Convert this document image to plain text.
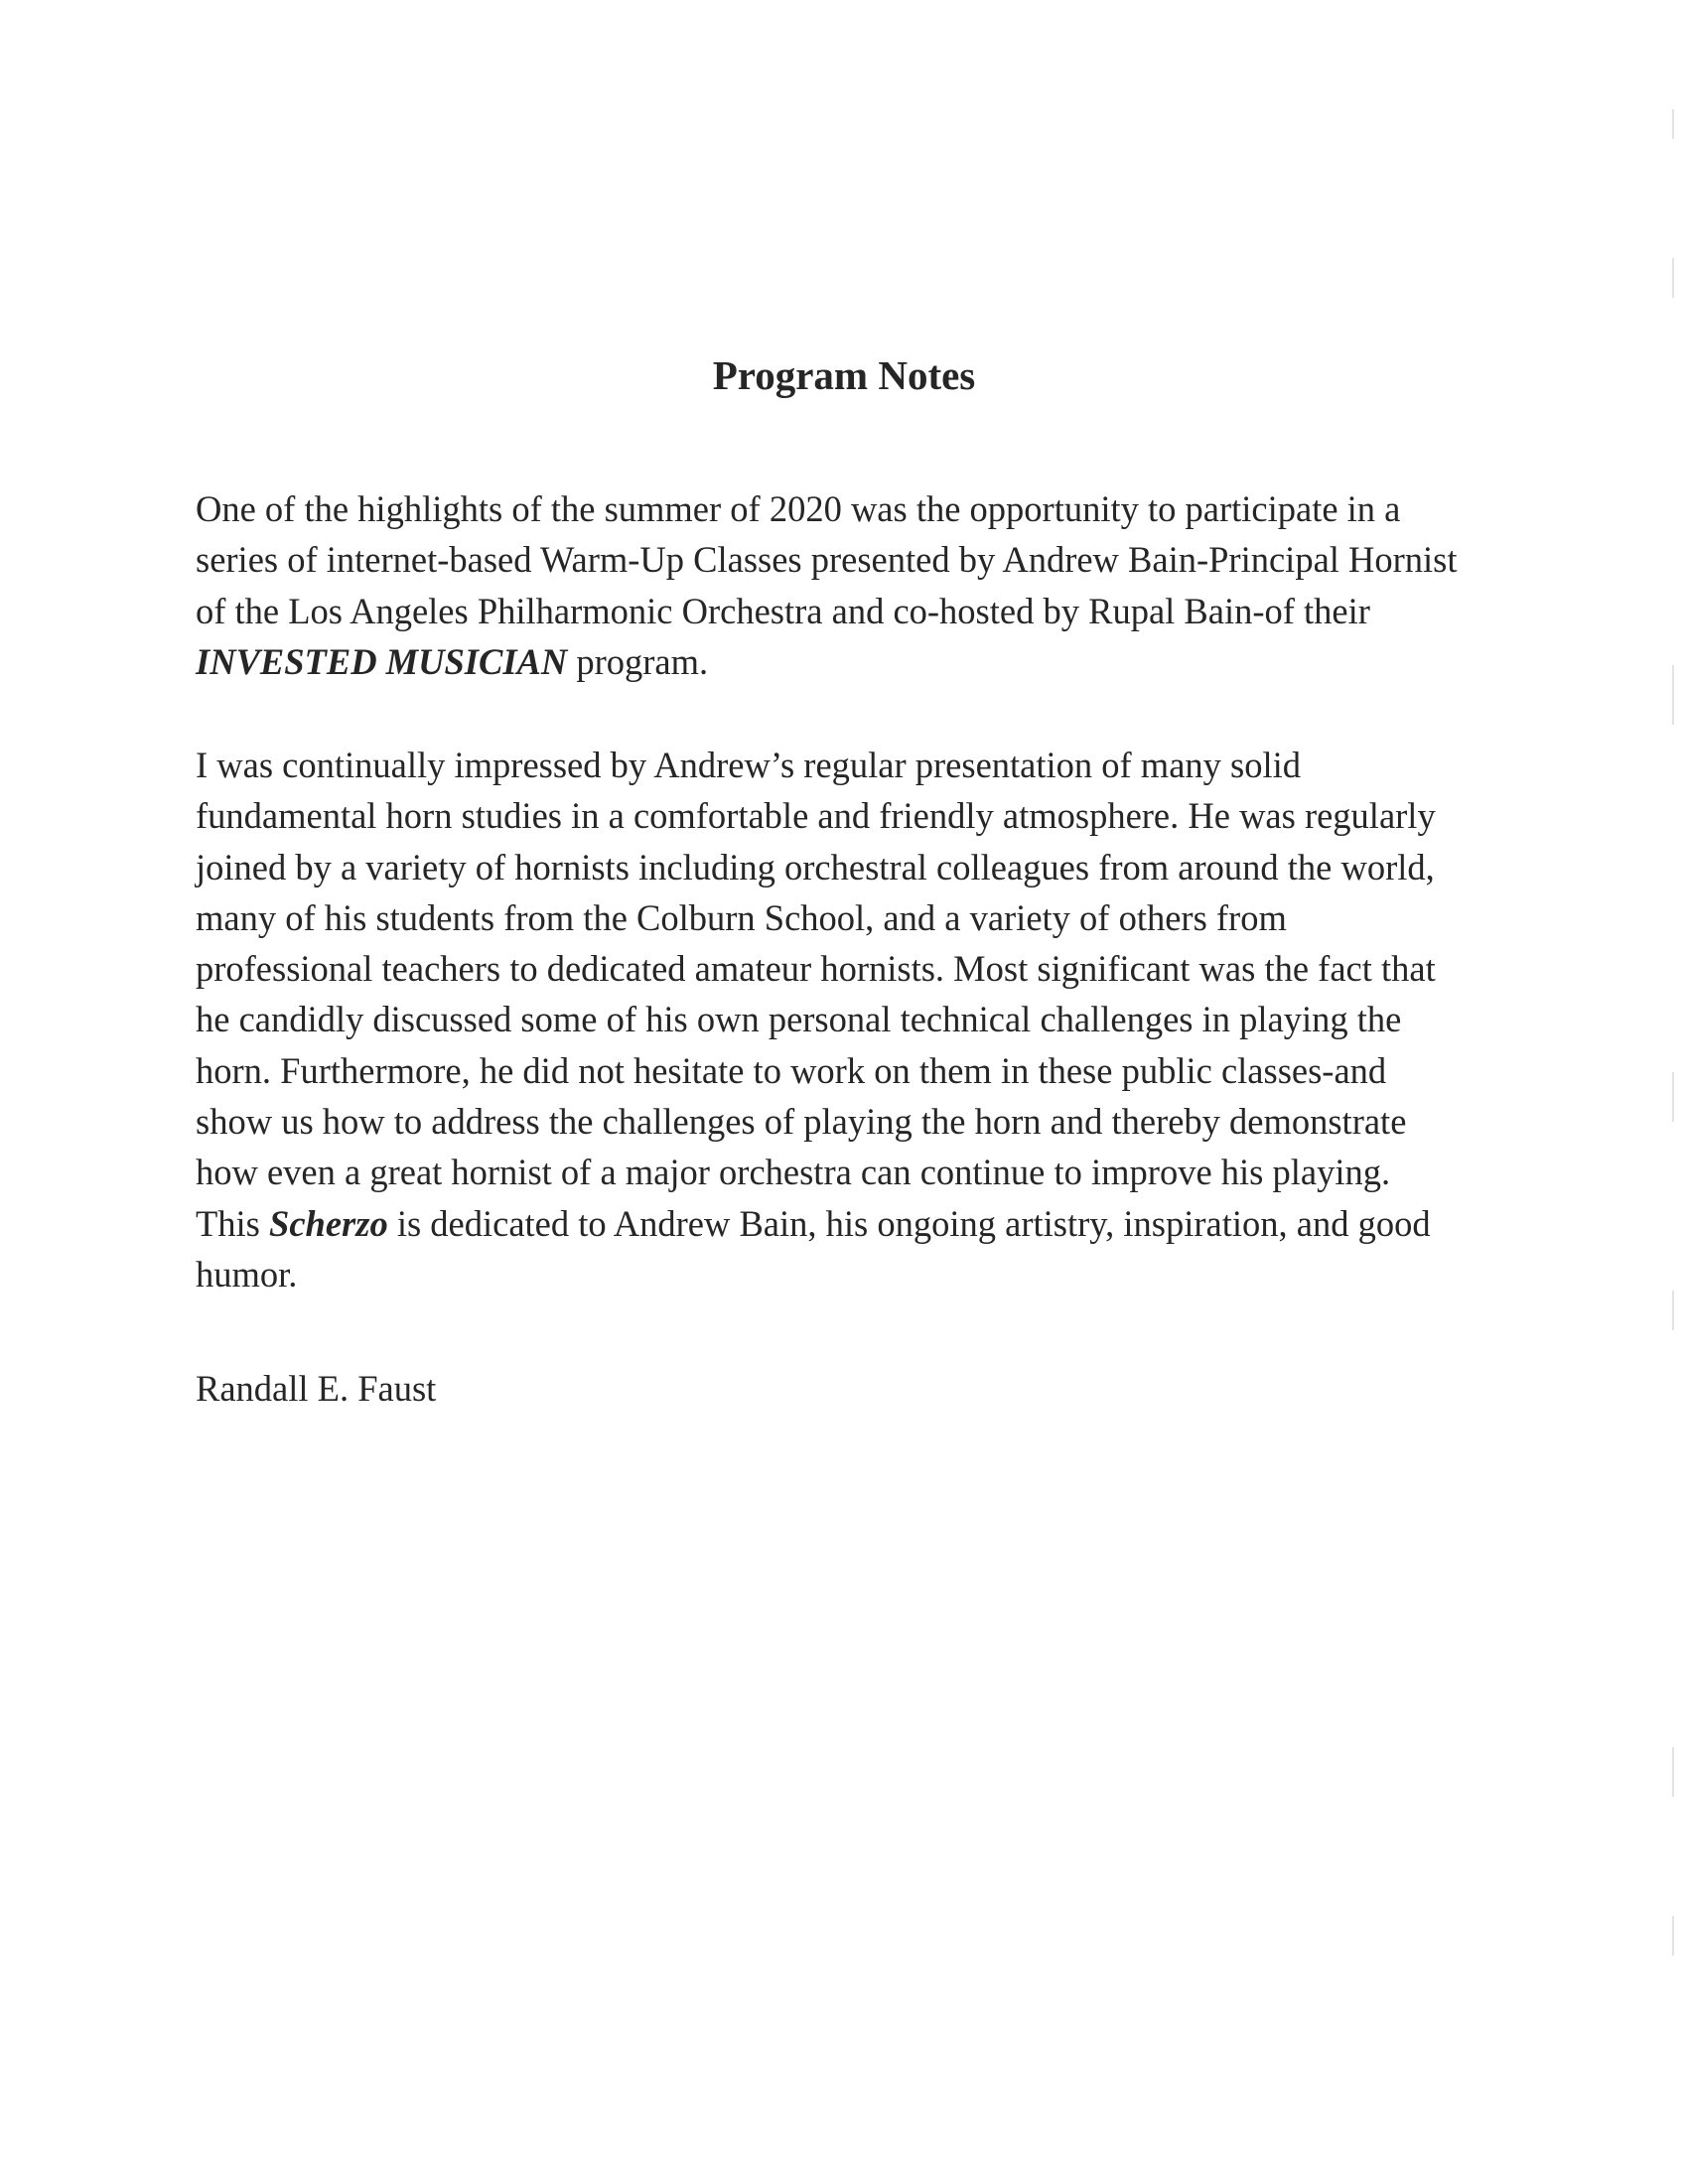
Program Notes
One of the highlights of the summer of 2020 was the opportunity to participate in a
series of internet-based Warm-Up Classes presented by Andrew Bain-Principal Hornist
of the Los Angeles Philharmonic Orchestra and co-hosted by Rupal Bain-of their
INVESTED MUSICIAN program.
I was continually impressed by Andrew’s regular presentation of many solid
fundamental horn studies in a comfortable and friendly atmosphere. He was regularly
joined by a variety of hornists including orchestral colleagues from around the world,
many of his students from the Colburn School, and a variety of others from
professional teachers to dedicated amateur hornists. Most significant was the fact that
he candidly discussed some of his own personal technical challenges in playing the
horn. Furthermore, he did not hesitate to work on them in these public classes-and
show us how to address the challenges of playing the horn and thereby demonstrate
how even a great hornist of a major orchestra can continue to improve his playing.
This Scherzo is dedicated to Andrew Bain, his ongoing artistry, inspiration, and good
humor.
Randall E. Faust
